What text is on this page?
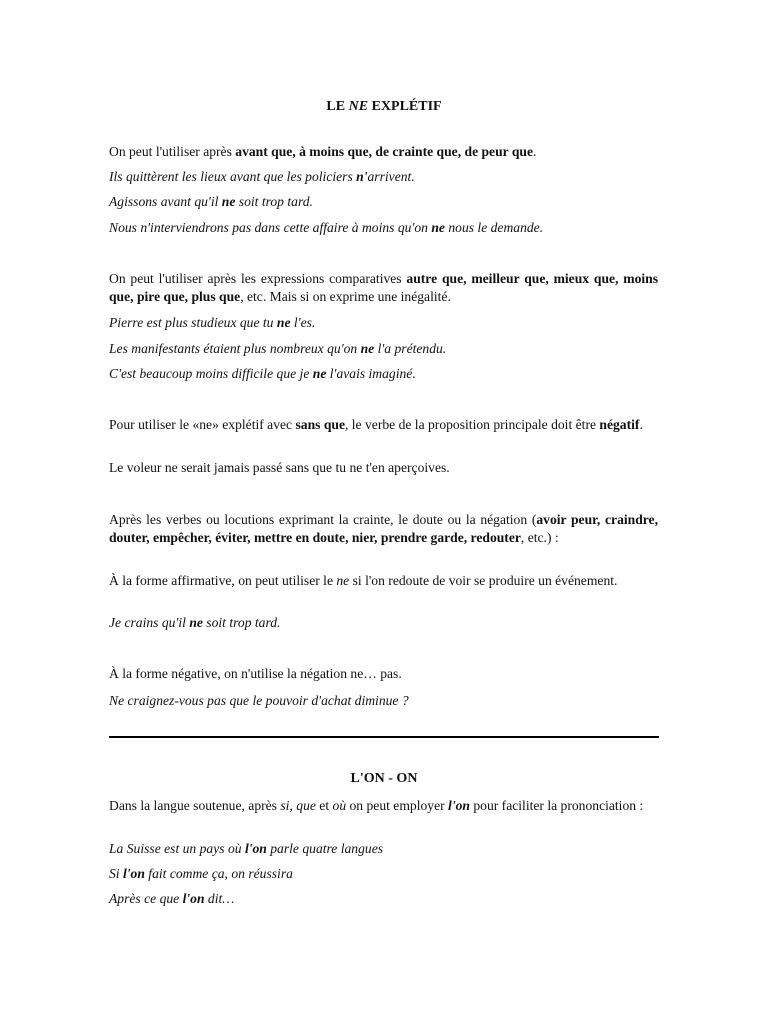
LE NE EXPLÉTIF

On peut l'utiliser après avant que, à moins que, de crainte que, de peur que.

Ils quittèrent les lieux avant que les policiers n'arrivent.

Agissons avant qu'il ne soit trop tard.

Nous n'interviendrons pas dans cette affaire à moins qu'on ne nous le demande.

On peut l'utiliser après les expressions comparatives autre que, meilleur que, mieux que, moins que, pire que, plus que, etc. Mais si on exprime une inégalité.

Pierre est plus studieux que tu ne l'es.

Les manifestants étaient plus nombreux qu'on ne l'a prétendu.

C'est beaucoup moins difficile que je ne l'avais imaginé.

Pour utiliser le «ne» explétif avec sans que, le verbe de la proposition principale doit être négatif.

Le voleur ne serait jamais passé sans que tu ne t'en aperçoives.

Après les verbes ou locutions exprimant la crainte, le doute ou la négation (avoir peur, craindre, douter, empêcher, éviter, mettre en doute, nier, prendre garde, redouter, etc.) :

À la forme affirmative, on peut utiliser le ne si l'on redoute de voir se produire un événement.

Je crains qu'il ne soit trop tard.

À la forme négative, on n'utilise la négation ne… pas.

Ne craignez-vous pas que le pouvoir d'achat diminue ?

L'ON - ON

Dans la langue soutenue, après si, que et où on peut employer l'on pour faciliter la prononciation :

La Suisse est un pays où l'on parle quatre langues

Si l'on fait comme ça, on réussira

Après ce que l'on dit…
